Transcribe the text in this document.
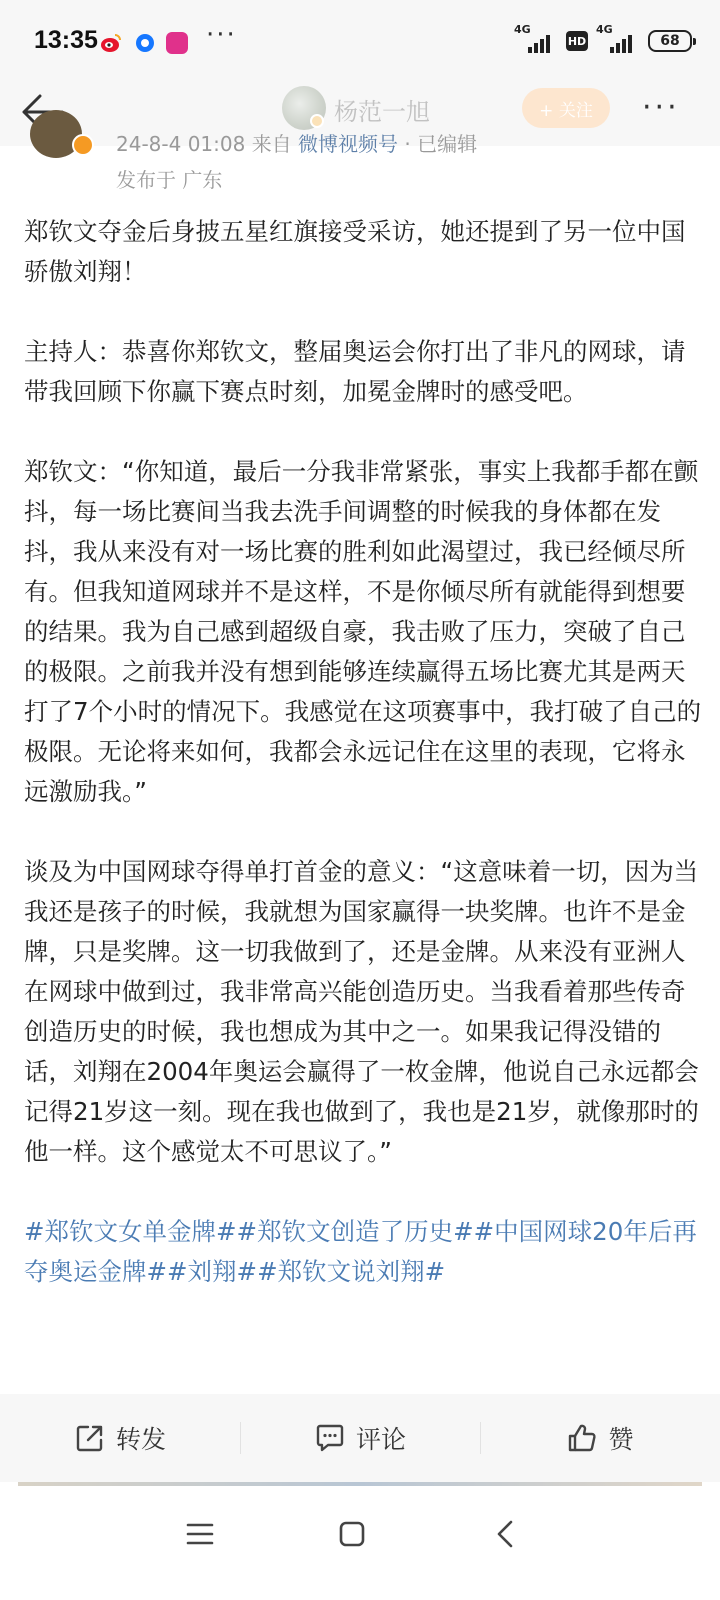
13:35	···	4G
HD
4G
68
杨范一旭	+ 关注	···
24-8-4 01:08 来自 微博视频号 · 已编辑
发布于 广东

郑钦文夺金后身披五星红旗接受采访，她还提到了另一位中国骄傲刘翔！

主持人：恭喜你郑钦文，整届奥运会你打出了非凡的网球，请带我回顾下你赢下赛点时刻，加冕金牌时的感受吧。

郑钦文：“你知道，最后一分我非常紧张，事实上我都手都在颤抖，每一场比赛间当我去洗手间调整的时候我的身体都在发抖，我从来没有对一场比赛的胜利如此渴望过，我已经倾尽所有。但我知道网球并不是这样，不是你倾尽所有就能得到想要的结果。我为自己感到超级自豪，我击败了压力，突破了自己的极限。之前我并没有想到能够连续赢得五场比赛尤其是两天打了7个小时的情况下。我感觉在这项赛事中，我打破了自己的极限。无论将来如何，我都会永远记住在这里的表现，它将永远激励我。”

谈及为中国网球夺得单打首金的意义：“这意味着一切，因为当我还是孩子的时候，我就想为国家赢得一块奖牌。也许不是金牌，只是奖牌。这一切我做到了，还是金牌。从来没有亚洲人在网球中做到过，我非常高兴能创造历史。当我看着那些传奇创造历史的时候，我也想成为其中之一。如果我记得没错的话，刘翔在2004年奥运会赢得了一枚金牌，他说自己永远都会记得21岁这一刻。现在我也做到了，我也是21岁，就像那时的他一样。这个感觉太不可思议了。”

#郑钦文女单金牌##郑钦文创造了历史##中国网球20年后再夺奥运金牌##刘翔##郑钦文说刘翔#

转发	评论	赞
